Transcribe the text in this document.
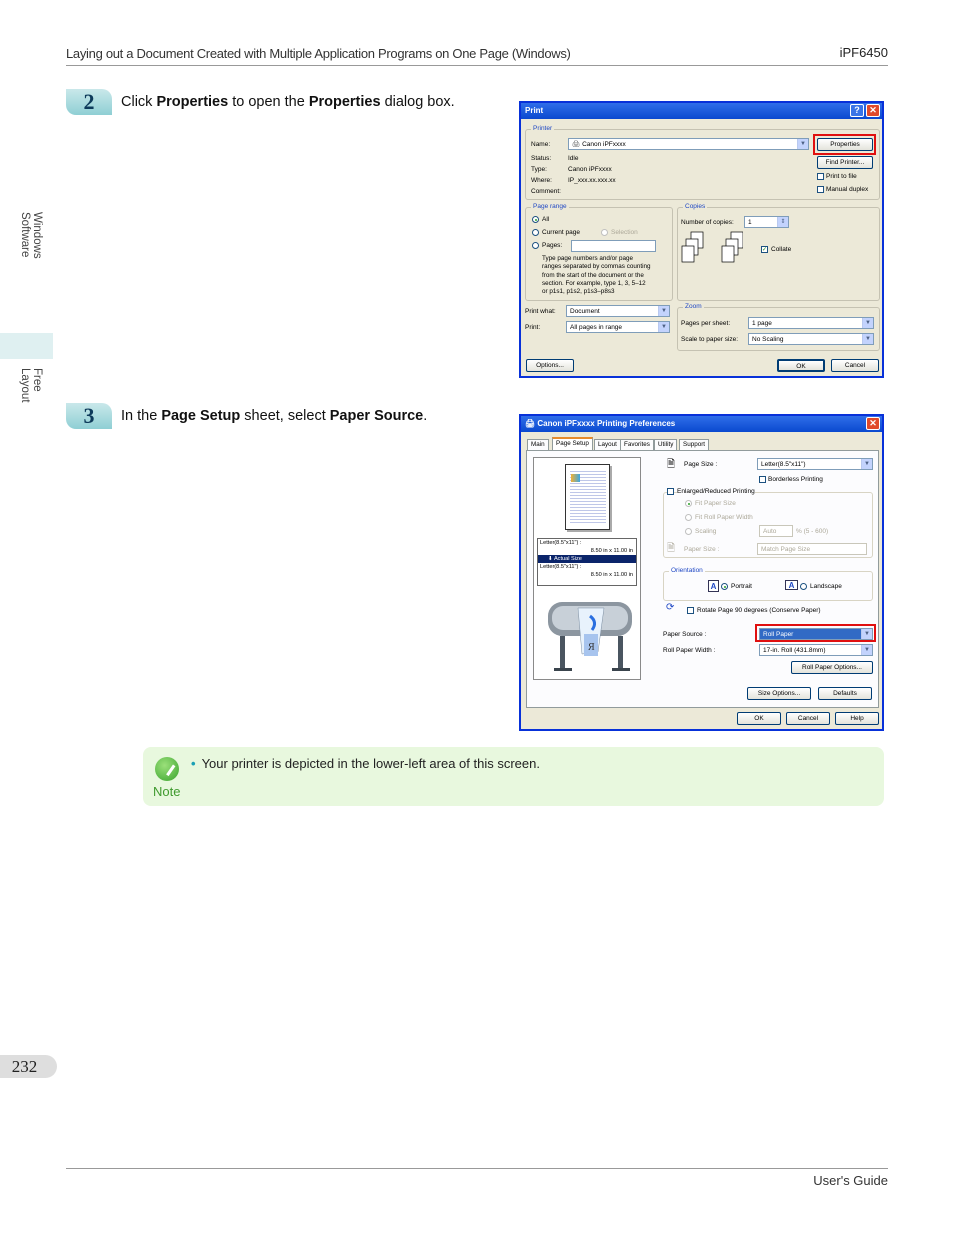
Laying out a Document Created with Multiple Application Programs on One Page (Windows)	iPF6450
Windows Software
Free Layout
2	Click Properties to open the Properties dialog box.
Print	?	✕
Printer
Name:	🖨 Canon iPFxxxx	▼
Status:	Idle
Type:	Canon iPFxxxx
Where: IP_xxx.xx.xxx.xx
Comment:
Properties
Find Printer...
Print to file
Manual duplex
Page range
All
Current page	Selection
Pages:
Type page numbers and/or page
ranges separated by commas counting
from the start of the document or the
section. For example, type 1, 3, 5–12
or p1s1, p1s2, p1s3–p8s3
Copies
Number of copies:	1	⇕
✓ Collate
Print what:	Document	▼
Print:	All pages in range	▼
Zoom
Pages per sheet:	1 page	▼
Scale to paper size:	No Scaling	▼
Options...	OK	Cancel
3	In the Page Setup sheet, select Paper Source.	🖨 Canon iPFxxxx Printing Preferences	✕
Main	Page Setup	Layout	Favorites	Utility	Support
Letter(8.5"x11") :
8.50 in x 11.00 in
⬇ Actual Size
Letter(8.5"x11") :
8.50 in x 11.00 in
Я
🗎 Page Size :	Letter(8.5"x11")	▼
Borderless Printing
Enlarged/Reduced Printing
Fit Paper Size
Fit Roll Paper Width
Scaling	Auto	% (5 - 600)
🗎 Paper Size :	Match Page Size
Orientation
A	Portrait	A	Landscape
⟳	Rotate Page 90 degrees (Conserve Paper)
Paper Source :	Roll Paper	▼
Roll Paper Width :	17-in. Roll (431.8mm)	▼
Roll Paper Options...
Size Options...	Defaults
OK	Cancel	Help
Note
• Your printer is depicted in the lower-left area of this screen.
232
User's Guide
